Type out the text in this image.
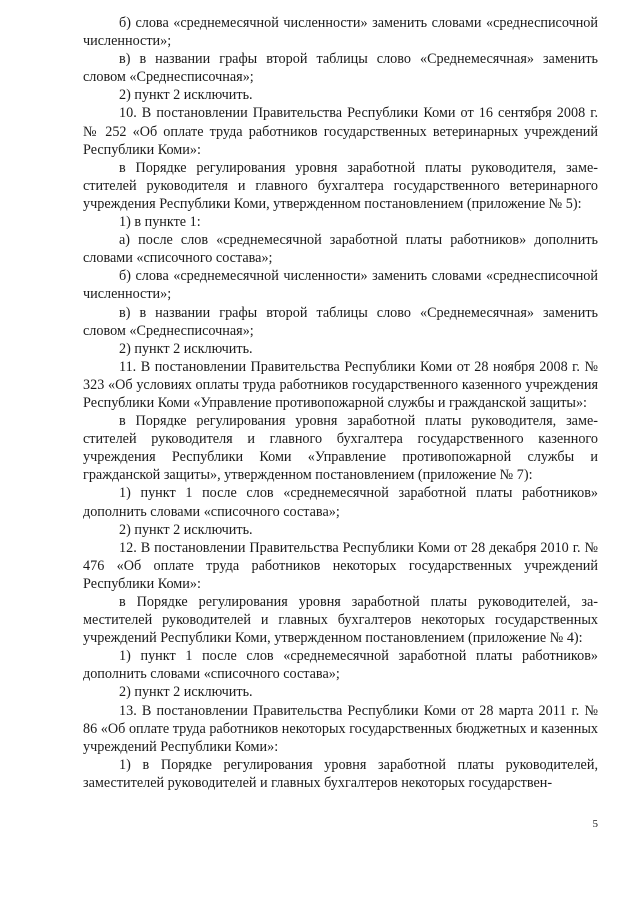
б) слова «среднемесячной численности» заменить словами «среднесписочной численности»;

в) в названии графы второй таблицы слово «Среднемесячная» заменить словом «Среднесписочная»;

2) пункт 2 исключить.

10. В постановлении Правительства Республики Коми от 16 сентября 2008 г. № 252 «Об оплате труда работников государственных ветеринарных учреждений Республики Коми»:

в Порядке регулирования уровня заработной платы руководителя, заместителей руководителя и главного бухгалтера государственного ветеринарного учреждения Республики Коми, утвержденном постановлением (приложение № 5):

1) в пункте 1:

а) после слов «среднемесячной заработной платы работников» дополнить словами «списочного состава»;

б) слова «среднемесячной численности» заменить словами «среднесписочной численности»;

в) в названии графы второй таблицы слово «Среднемесячная» заменить словом «Среднесписочная»;

2) пункт 2 исключить.

11. В постановлении Правительства Республики Коми от 28 ноября 2008 г. № 323 «Об условиях оплаты труда работников государственного казенного учреждения Республики Коми «Управление противопожарной службы и гражданской защиты»:

в Порядке регулирования уровня заработной платы руководителя, заместителей руководителя и главного бухгалтера государственного казенного учреждения Республики Коми «Управление противопожарной службы и гражданской защиты», утвержденном постановлением (приложение № 7):

1) пункт 1 после слов «среднемесячной заработной платы работников» дополнить словами «списочного состава»;

2) пункт 2 исключить.

12. В постановлении Правительства Республики Коми от 28 декабря 2010 г. № 476 «Об оплате труда работников некоторых государственных учреждений Республики Коми»:

в Порядке регулирования уровня заработной платы руководителей, заместителей руководителей и главных бухгалтеров некоторых государственных учреждений Республики Коми, утвержденном постановлением (приложение № 4):

1) пункт 1 после слов «среднемесячной заработной платы работников» дополнить словами «списочного состава»;

2) пункт 2 исключить.

13. В постановлении Правительства Республики Коми от 28 марта 2011 г. № 86 «Об оплате труда работников некоторых государственных бюджетных и казенных учреждений Республики Коми»:

1) в Порядке регулирования уровня заработной платы руководителей, заместителей руководителей и главных бухгалтеров некоторых государствен-

5
